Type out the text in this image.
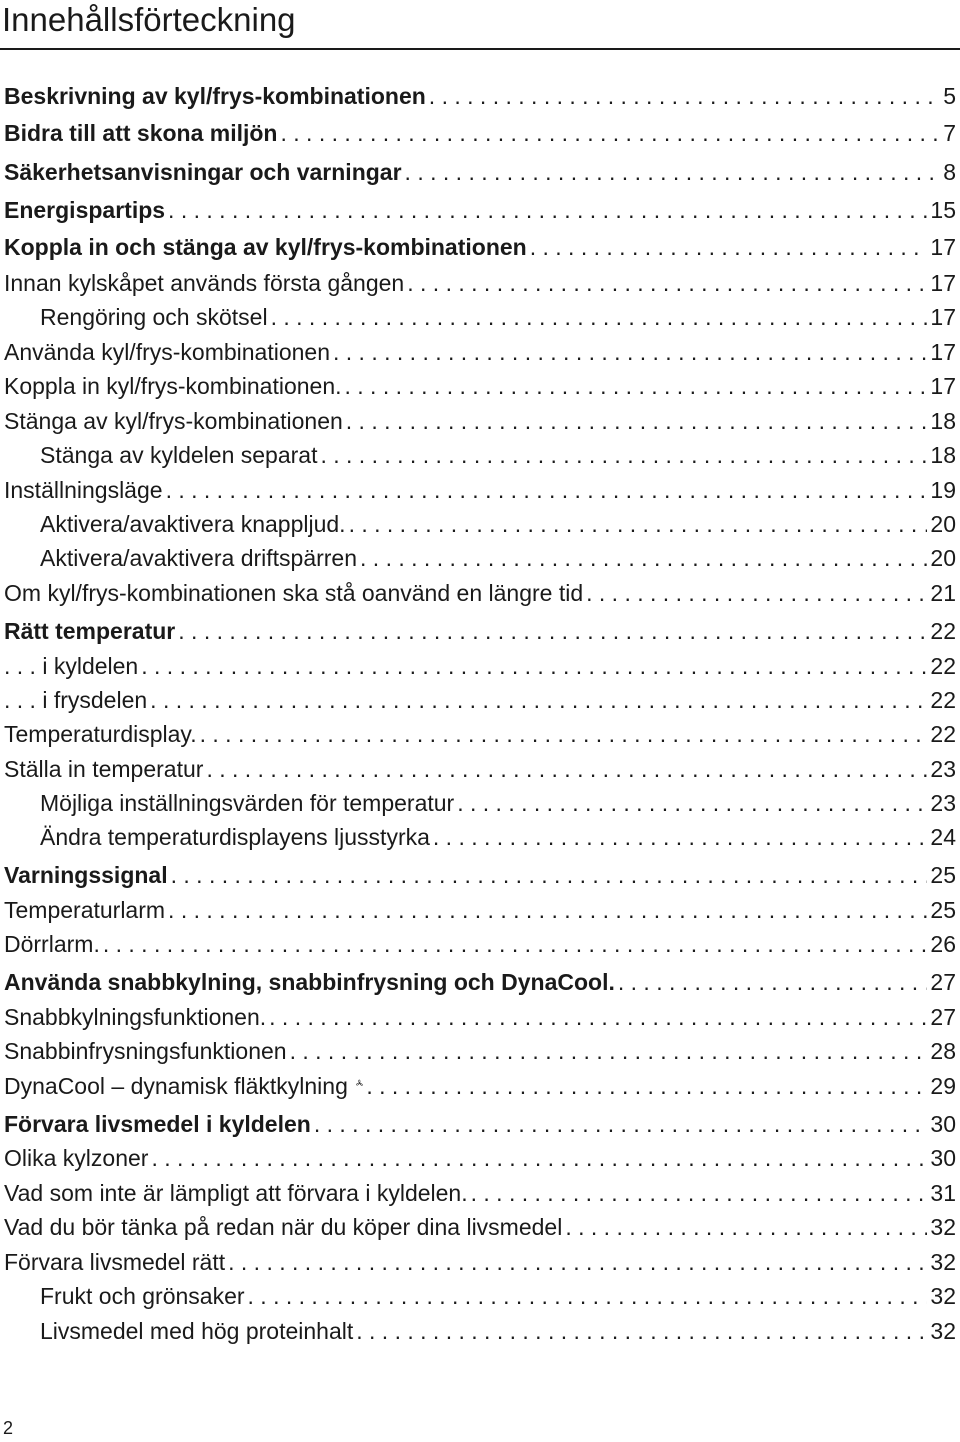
Innehållsförteckning
Beskrivning av kyl/frys-kombinationen . . .	5
Bidra till att skona miljön . . .	7
Säkerhetsanvisningar och varningar . . .	8
Energispartips . . .	15
Koppla in och stänga av kyl/frys-kombinationen . . .	17
Innan kylskåpet används första gången . . .	17
Rengöring och skötsel . . .	17
Använda kyl/frys-kombinationen . . .	17
Koppla in kyl/frys-kombinationen. . . .	17
Stänga av kyl/frys-kombinationen . . .	18
Stänga av kyldelen separat . . .	18
Inställningsläge . . .	19
Aktivera/avaktivera knappljud. . . .	20
Aktivera/avaktivera driftspärren . . .	20
Om kyl/frys-kombinationen ska stå oanvänd en längre tid . . .	21
Rätt temperatur . . .	22
. . . i kyldelen . . .	22
. . . i frysdelen . . .	22
Temperaturdisplay. . . .	22
Ställa in temperatur . . .	23
Möjliga inställningsvärden för temperatur . . .	23
Ändra temperaturdisplayens ljusstyrka . . .	24
Varningssignal . . .	25
Temperaturlarm . . .	25
Dörrlarm. . . .	26
Använda snabbkylning, snabbinfrysning och DynaCool. . . .	27
Snabbkylningsfunktionen. . . .	27
Snabbinfrysningsfunktionen . . .	28
DynaCool – dynamisk fläktkylning . . .	29
Förvara livsmedel i kyldelen . . .	30
Olika kylzoner . . .	30
Vad som inte är lämpligt att förvara i kyldelen. . . .	31
Vad du bör tänka på redan när du köper dina livsmedel . . .	32
Förvara livsmedel rätt . . .	32
Frukt och grönsaker . . .	32
Livsmedel med hög proteinhalt . . .	32
2
